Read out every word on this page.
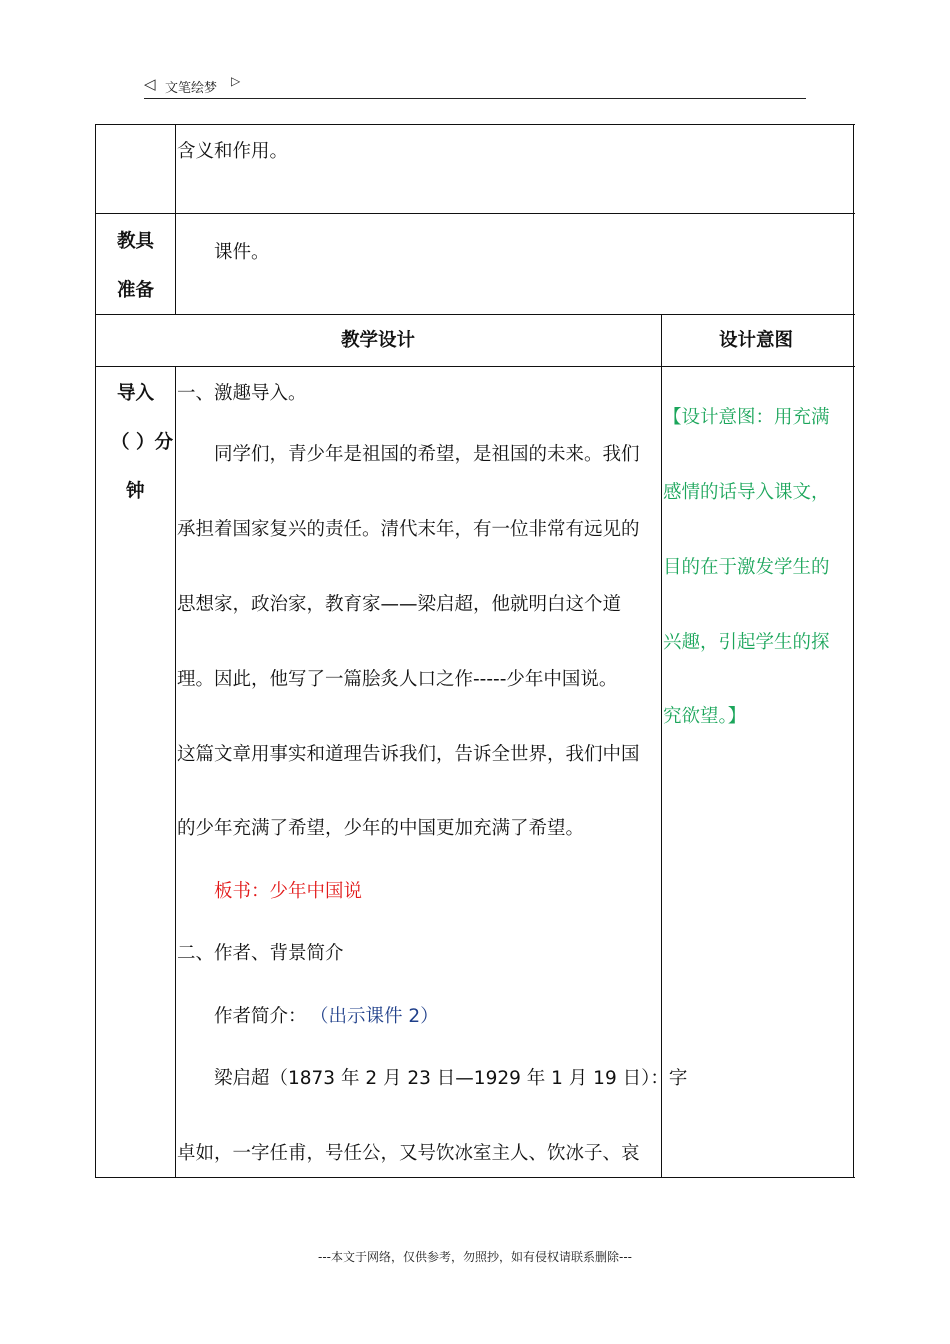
◁ 文笔绘梦 ▷
含义和作用。
教具
准备
课件。
教学设计	设计意图
导入
（ ）分
钟
一、激趣导入。
同学们，青少年是祖国的希望，是祖国的未来。我们
承担着国家复兴的责任。清代末年，有一位非常有远见的
思想家，政治家，教育家——梁启超，他就明白这个道
理。因此，他写了一篇脍炙人口之作-----少年中国说。
这篇文章用事实和道理告诉我们，告诉全世界，我们中国
的少年充满了希望，少年的中国更加充满了希望。
板书：少年中国说
二、作者、背景简介
作者简介： （出示课件 2）
梁启超（1873 年 2 月 23 日—1929 年 1 月 19 日）：字
卓如，一字任甫，号任公，又号饮冰室主人、饮冰子、哀
【设计意图：用充满
感情的话导入课文，
目的在于激发学生的
兴趣，引起学生的探
究欲望。】
---本文于网络，仅供参考，勿照抄，如有侵权请联系删除---
